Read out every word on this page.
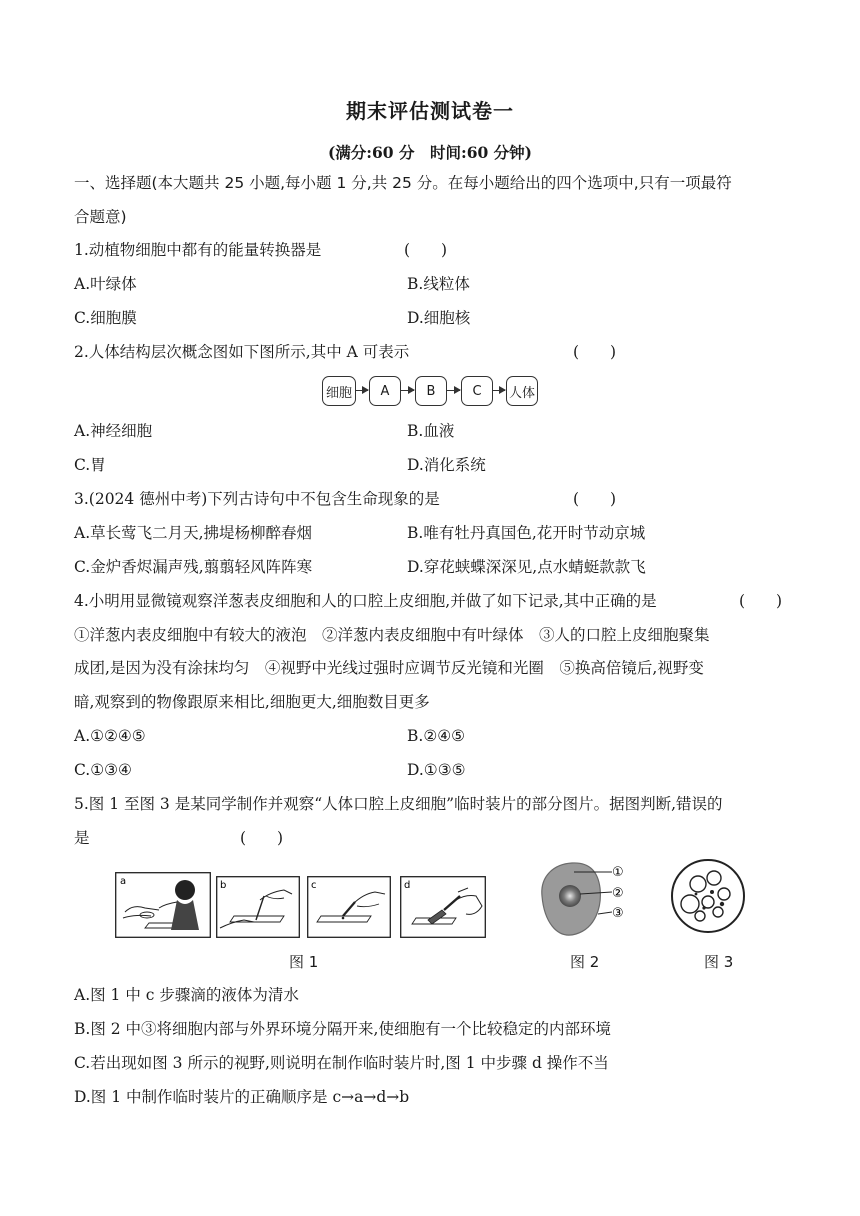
期末评估测试卷一
(满分:60 分　时间:60 分钟)
一、选择题(本大题共 25 小题,每小题 1 分,共 25 分。在每小题给出的四个选项中,只有一项最符
合题意)
1.动植物细胞中都有的能量转换器是	(　　)
A.叶绿体	B.线粒体
C.细胞膜	D.细胞核
2.人体结构层次概念图如下图所示,其中 A 可表示	(　　)
细胞	A	B	C	人体
A.神经细胞	B.血液
C.胃	D.消化系统
3.(2024 德州中考)下列古诗句中不包含生命现象的是	(　　)
A.草长莺飞二月天,拂堤杨柳醉春烟	B.唯有牡丹真国色,花开时节动京城
C.金炉香烬漏声残,翦翦轻风阵阵寒	D.穿花蛱蝶深深见,点水蜻蜓款款飞
4.小明用显微镜观察洋葱表皮细胞和人的口腔上皮细胞,并做了如下记录,其中正确的是	(　　)
①洋葱内表皮细胞中有较大的液泡　②洋葱内表皮细胞中有叶绿体　③人的口腔上皮细胞聚集
成团,是因为没有涂抹均匀　④视野中光线过强时应调节反光镜和光圈　⑤换高倍镜后,视野变
暗,观察到的物像跟原来相比,细胞更大,细胞数目更多
A.①②④⑤	B.②④⑤
C.①③④	D.①③⑤
5.图 1 至图 3 是某同学制作并观察“人体口腔上皮细胞”临时装片的部分图片。据图判断,错误的
是	(　　)
a	b	c	d
①
②
③
图 1	图 2	图 3
A.图 1 中 c 步骤滴的液体为清水
B.图 2 中③将细胞内部与外界环境分隔开来,使细胞有一个比较稳定的内部环境
C.若出现如图 3 所示的视野,则说明在制作临时装片时,图 1 中步骤 d 操作不当
D.图 1 中制作临时装片的正确顺序是 c→a→d→b
